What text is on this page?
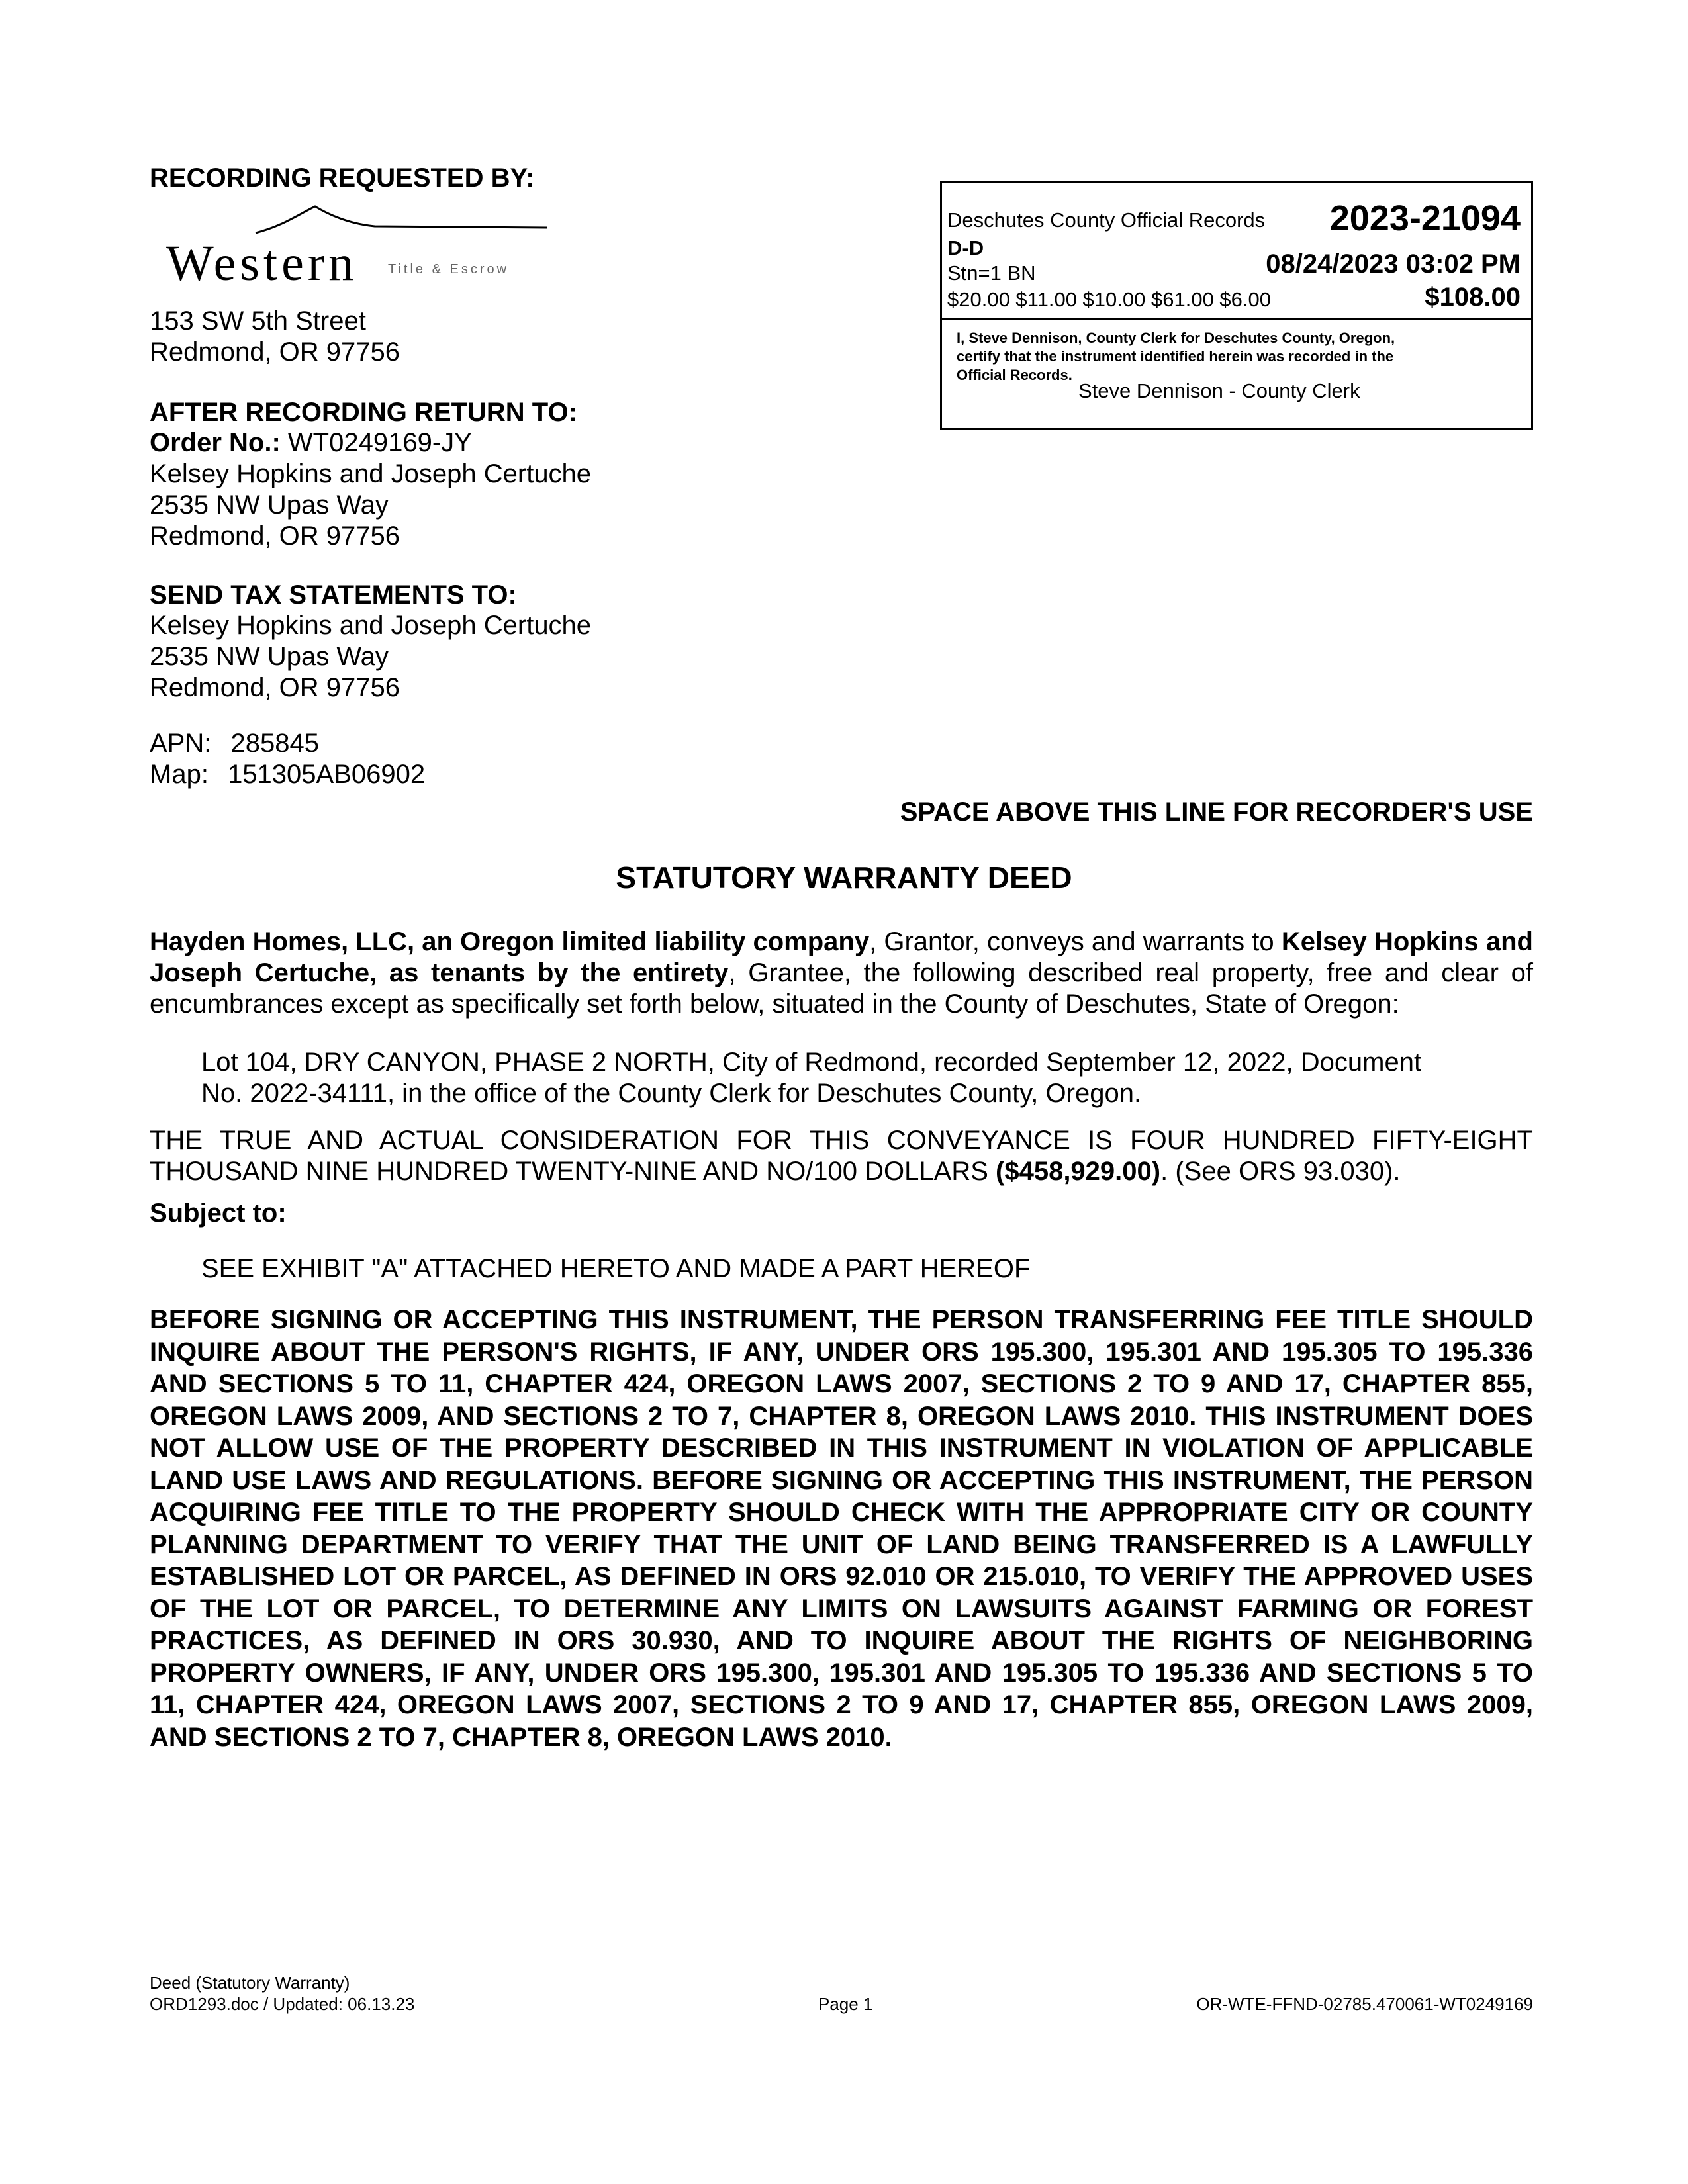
RECORDING REQUESTED BY:
Western Title & Escrow
153 SW 5th Street
Redmond, OR 97756
AFTER RECORDING RETURN TO:
Order No.: WT0249169-JY
Kelsey Hopkins and Joseph Certuche
2535 NW Upas Way
Redmond, OR 97756
SEND TAX STATEMENTS TO:
Kelsey Hopkins and Joseph Certuche
2535 NW Upas Way
Redmond, OR 97756
APN: 285845
Map: 151305AB06902
Deschutes County Official Records 2023-21094
D-D
Stn=1 BN	08/24/2023 03:02 PM
$20.00 $11.00 $10.00 $61.00 $6.00	$108.00
I, Steve Dennison, County Clerk for Deschutes County, Oregon,
certify that the instrument identified herein was recorded in the
Official Records.
Steve Dennison - County Clerk
SPACE ABOVE THIS LINE FOR RECORDER'S USE
STATUTORY WARRANTY DEED
Hayden Homes, LLC, an Oregon limited liability company, Grantor, conveys and warrants to Kelsey Hopkins and Joseph Certuche, as tenants by the entirety, Grantee, the following described real property, free and clear of encumbrances except as specifically set forth below, situated in the County of Deschutes, State of Oregon:
Lot 104, DRY CANYON, PHASE 2 NORTH, City of Redmond, recorded September 12, 2022, Document
No. 2022-34111, in the office of the County Clerk for Deschutes County, Oregon.
THE TRUE AND ACTUAL CONSIDERATION FOR THIS CONVEYANCE IS FOUR HUNDRED FIFTY-EIGHT THOUSAND NINE HUNDRED TWENTY-NINE AND NO/100 DOLLARS ($458,929.00). (See ORS 93.030).
Subject to:
SEE EXHIBIT "A" ATTACHED HERETO AND MADE A PART HEREOF
BEFORE SIGNING OR ACCEPTING THIS INSTRUMENT, THE PERSON TRANSFERRING FEE TITLE SHOULD INQUIRE ABOUT THE PERSON'S RIGHTS, IF ANY, UNDER ORS 195.300, 195.301 AND 195.305 TO 195.336 AND SECTIONS 5 TO 11, CHAPTER 424, OREGON LAWS 2007, SECTIONS 2 TO 9 AND 17, CHAPTER 855, OREGON LAWS 2009, AND SECTIONS 2 TO 7, CHAPTER 8, OREGON LAWS 2010. THIS INSTRUMENT DOES NOT ALLOW USE OF THE PROPERTY DESCRIBED IN THIS INSTRUMENT IN VIOLATION OF APPLICABLE LAND USE LAWS AND REGULATIONS. BEFORE SIGNING OR ACCEPTING THIS INSTRUMENT, THE PERSON ACQUIRING FEE TITLE TO THE PROPERTY SHOULD CHECK WITH THE APPROPRIATE CITY OR COUNTY PLANNING DEPARTMENT TO VERIFY THAT THE UNIT OF LAND BEING TRANSFERRED IS A LAWFULLY ESTABLISHED LOT OR PARCEL, AS DEFINED IN ORS 92.010 OR 215.010, TO VERIFY THE APPROVED USES OF THE LOT OR PARCEL, TO DETERMINE ANY LIMITS ON LAWSUITS AGAINST FARMING OR FOREST PRACTICES, AS DEFINED IN ORS 30.930, AND TO INQUIRE ABOUT THE RIGHTS OF NEIGHBORING PROPERTY OWNERS, IF ANY, UNDER ORS 195.300, 195.301 AND 195.305 TO 195.336 AND SECTIONS 5 TO 11, CHAPTER 424, OREGON LAWS 2007, SECTIONS 2 TO 9 AND 17, CHAPTER 855, OREGON LAWS 2009, AND SECTIONS 2 TO 7, CHAPTER 8, OREGON LAWS 2010.
Deed (Statutory Warranty)
ORD1293.doc / Updated: 06.13.23	Page 1	OR-WTE-FFND-02785.470061-WT0249169
